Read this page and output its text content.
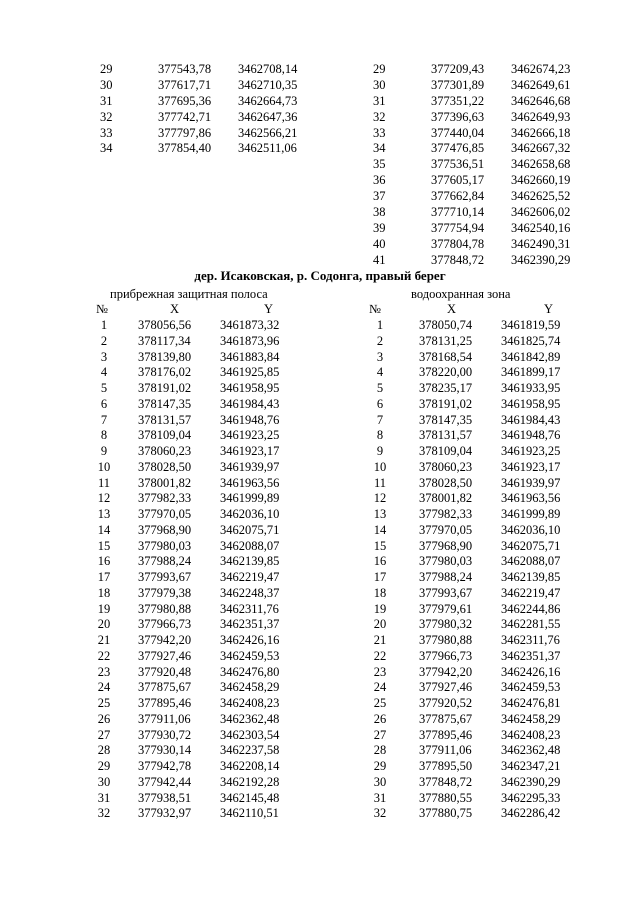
29	377543,78	3462708,14
30	377617,71	3462710,35
31	377695,36	3462664,73
32	377742,71	3462647,36
33	377797,86	3462566,21
34	377854,40	3462511,06
29	377209,43	3462674,23
30	377301,89	3462649,61
31	377351,22	3462646,68
32	377396,63	3462649,93
33	377440,04	3462666,18
34	377476,85	3462667,32
35	377536,51	3462658,68
36	377605,17	3462660,19
37	377662,84	3462625,52
38	377710,14	3462606,02
39	377754,94	3462540,16
40	377804,78	3462490,31
41	377848,72	3462390,29
дер. Исаковская, р. Содонга, правый берег
прибрежная защитная полоса	водоохранная зона
№	X	Y	№	X	Y
1	378056,56	3461873,32
2	378117,34	3461873,96
3	378139,80	3461883,84
4	378176,02	3461925,85
5	378191,02	3461958,95
6	378147,35	3461984,43
7	378131,57	3461948,76
8	378109,04	3461923,25
9	378060,23	3461923,17
10	378028,50	3461939,97
11	378001,82	3461963,56
12	377982,33	3461999,89
13	377970,05	3462036,10
14	377968,90	3462075,71
15	377980,03	3462088,07
16	377988,24	3462139,85
17	377993,67	3462219,47
18	377979,38	3462248,37
19	377980,88	3462311,76
20	377966,73	3462351,37
21	377942,20	3462426,16
22	377927,46	3462459,53
23	377920,48	3462476,80
24	377875,67	3462458,29
25	377895,46	3462408,23
26	377911,06	3462362,48
27	377930,72	3462303,54
28	377930,14	3462237,58
29	377942,78	3462208,14
30	377942,44	3462192,28
31	377938,51	3462145,48
32	377932,97	3462110,51
1	378050,74	3461819,59
2	378131,25	3461825,74
3	378168,54	3461842,89
4	378220,00	3461899,17
5	378235,17	3461933,95
6	378191,02	3461958,95
7	378147,35	3461984,43
8	378131,57	3461948,76
9	378109,04	3461923,25
10	378060,23	3461923,17
11	378028,50	3461939,97
12	378001,82	3461963,56
13	377982,33	3461999,89
14	377970,05	3462036,10
15	377968,90	3462075,71
16	377980,03	3462088,07
17	377988,24	3462139,85
18	377993,67	3462219,47
19	377979,61	3462244,86
20	377980,32	3462281,55
21	377980,88	3462311,76
22	377966,73	3462351,37
23	377942,20	3462426,16
24	377927,46	3462459,53
25	377920,52	3462476,81
26	377875,67	3462458,29
27	377895,46	3462408,23
28	377911,06	3462362,48
29	377895,50	3462347,21
30	377848,72	3462390,29
31	377880,55	3462295,33
32	377880,75	3462286,42
